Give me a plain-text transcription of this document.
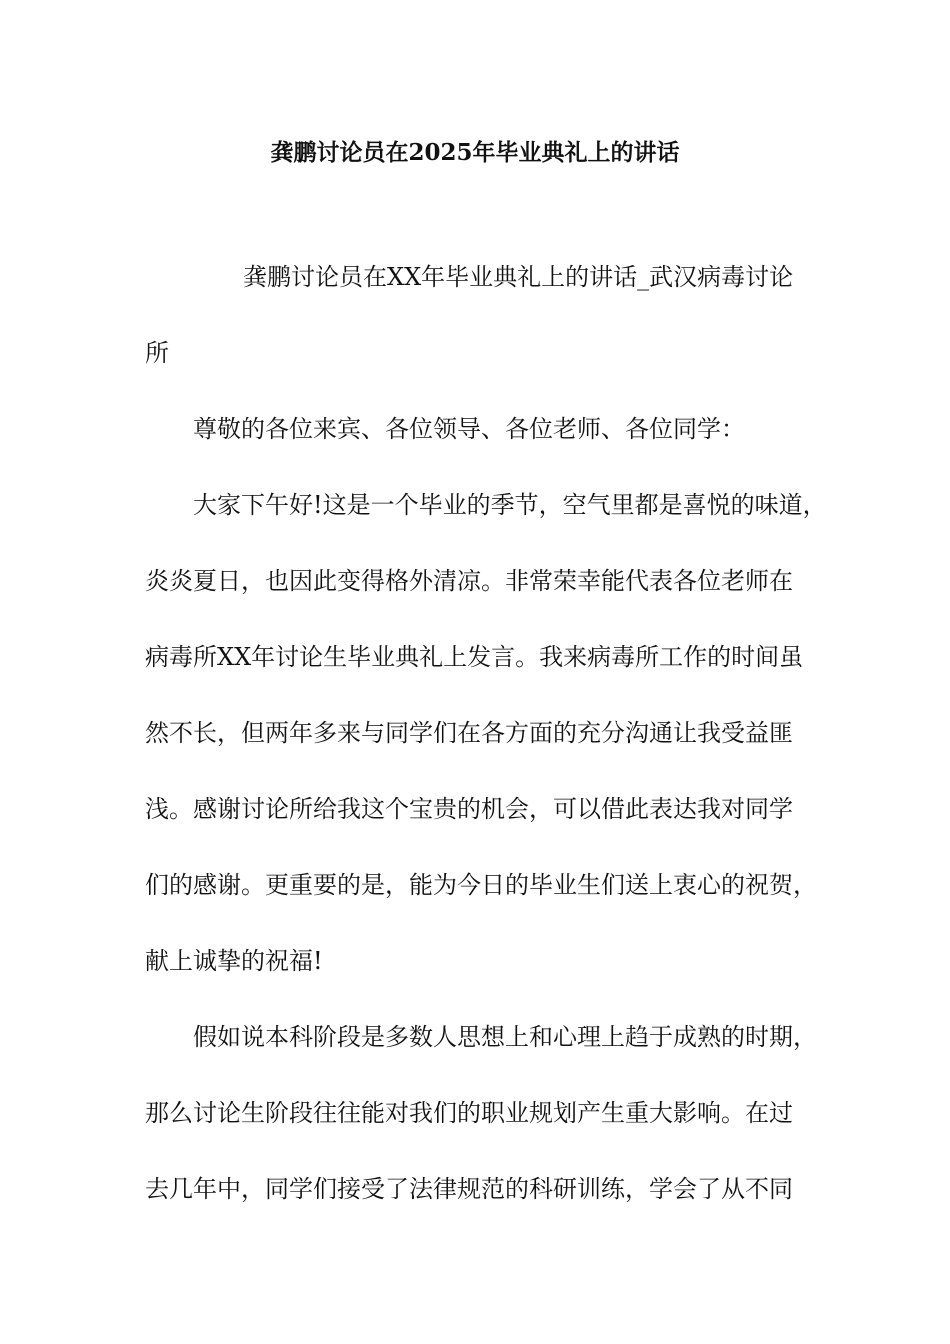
龚鹏讨论员在2025年毕业典礼上的讲话

龚鹏讨论员在XX年毕业典礼上的讲话_武汉病毒讨论

所

尊敬的各位来宾、各位领导、各位老师、各位同学：

大家下午好!这是一个毕业的季节，空气里都是喜悦的味道，

炎炎夏日，也因此变得格外清凉。非常荣幸能代表各位老师在

病毒所XX年讨论生毕业典礼上发言。我来病毒所工作的时间虽

然不长，但两年多来与同学们在各方面的充分沟通让我受益匪

浅。感谢讨论所给我这个宝贵的机会，可以借此表达我对同学

们的感谢。更重要的是，能为今日的毕业生们送上衷心的祝贺，

献上诚挚的祝福!

假如说本科阶段是多数人思想上和心理上趋于成熟的时期，

那么讨论生阶段往往能对我们的职业规划产生重大影响。在过

去几年中，同学们接受了法律规范的科研训练，学会了从不同
